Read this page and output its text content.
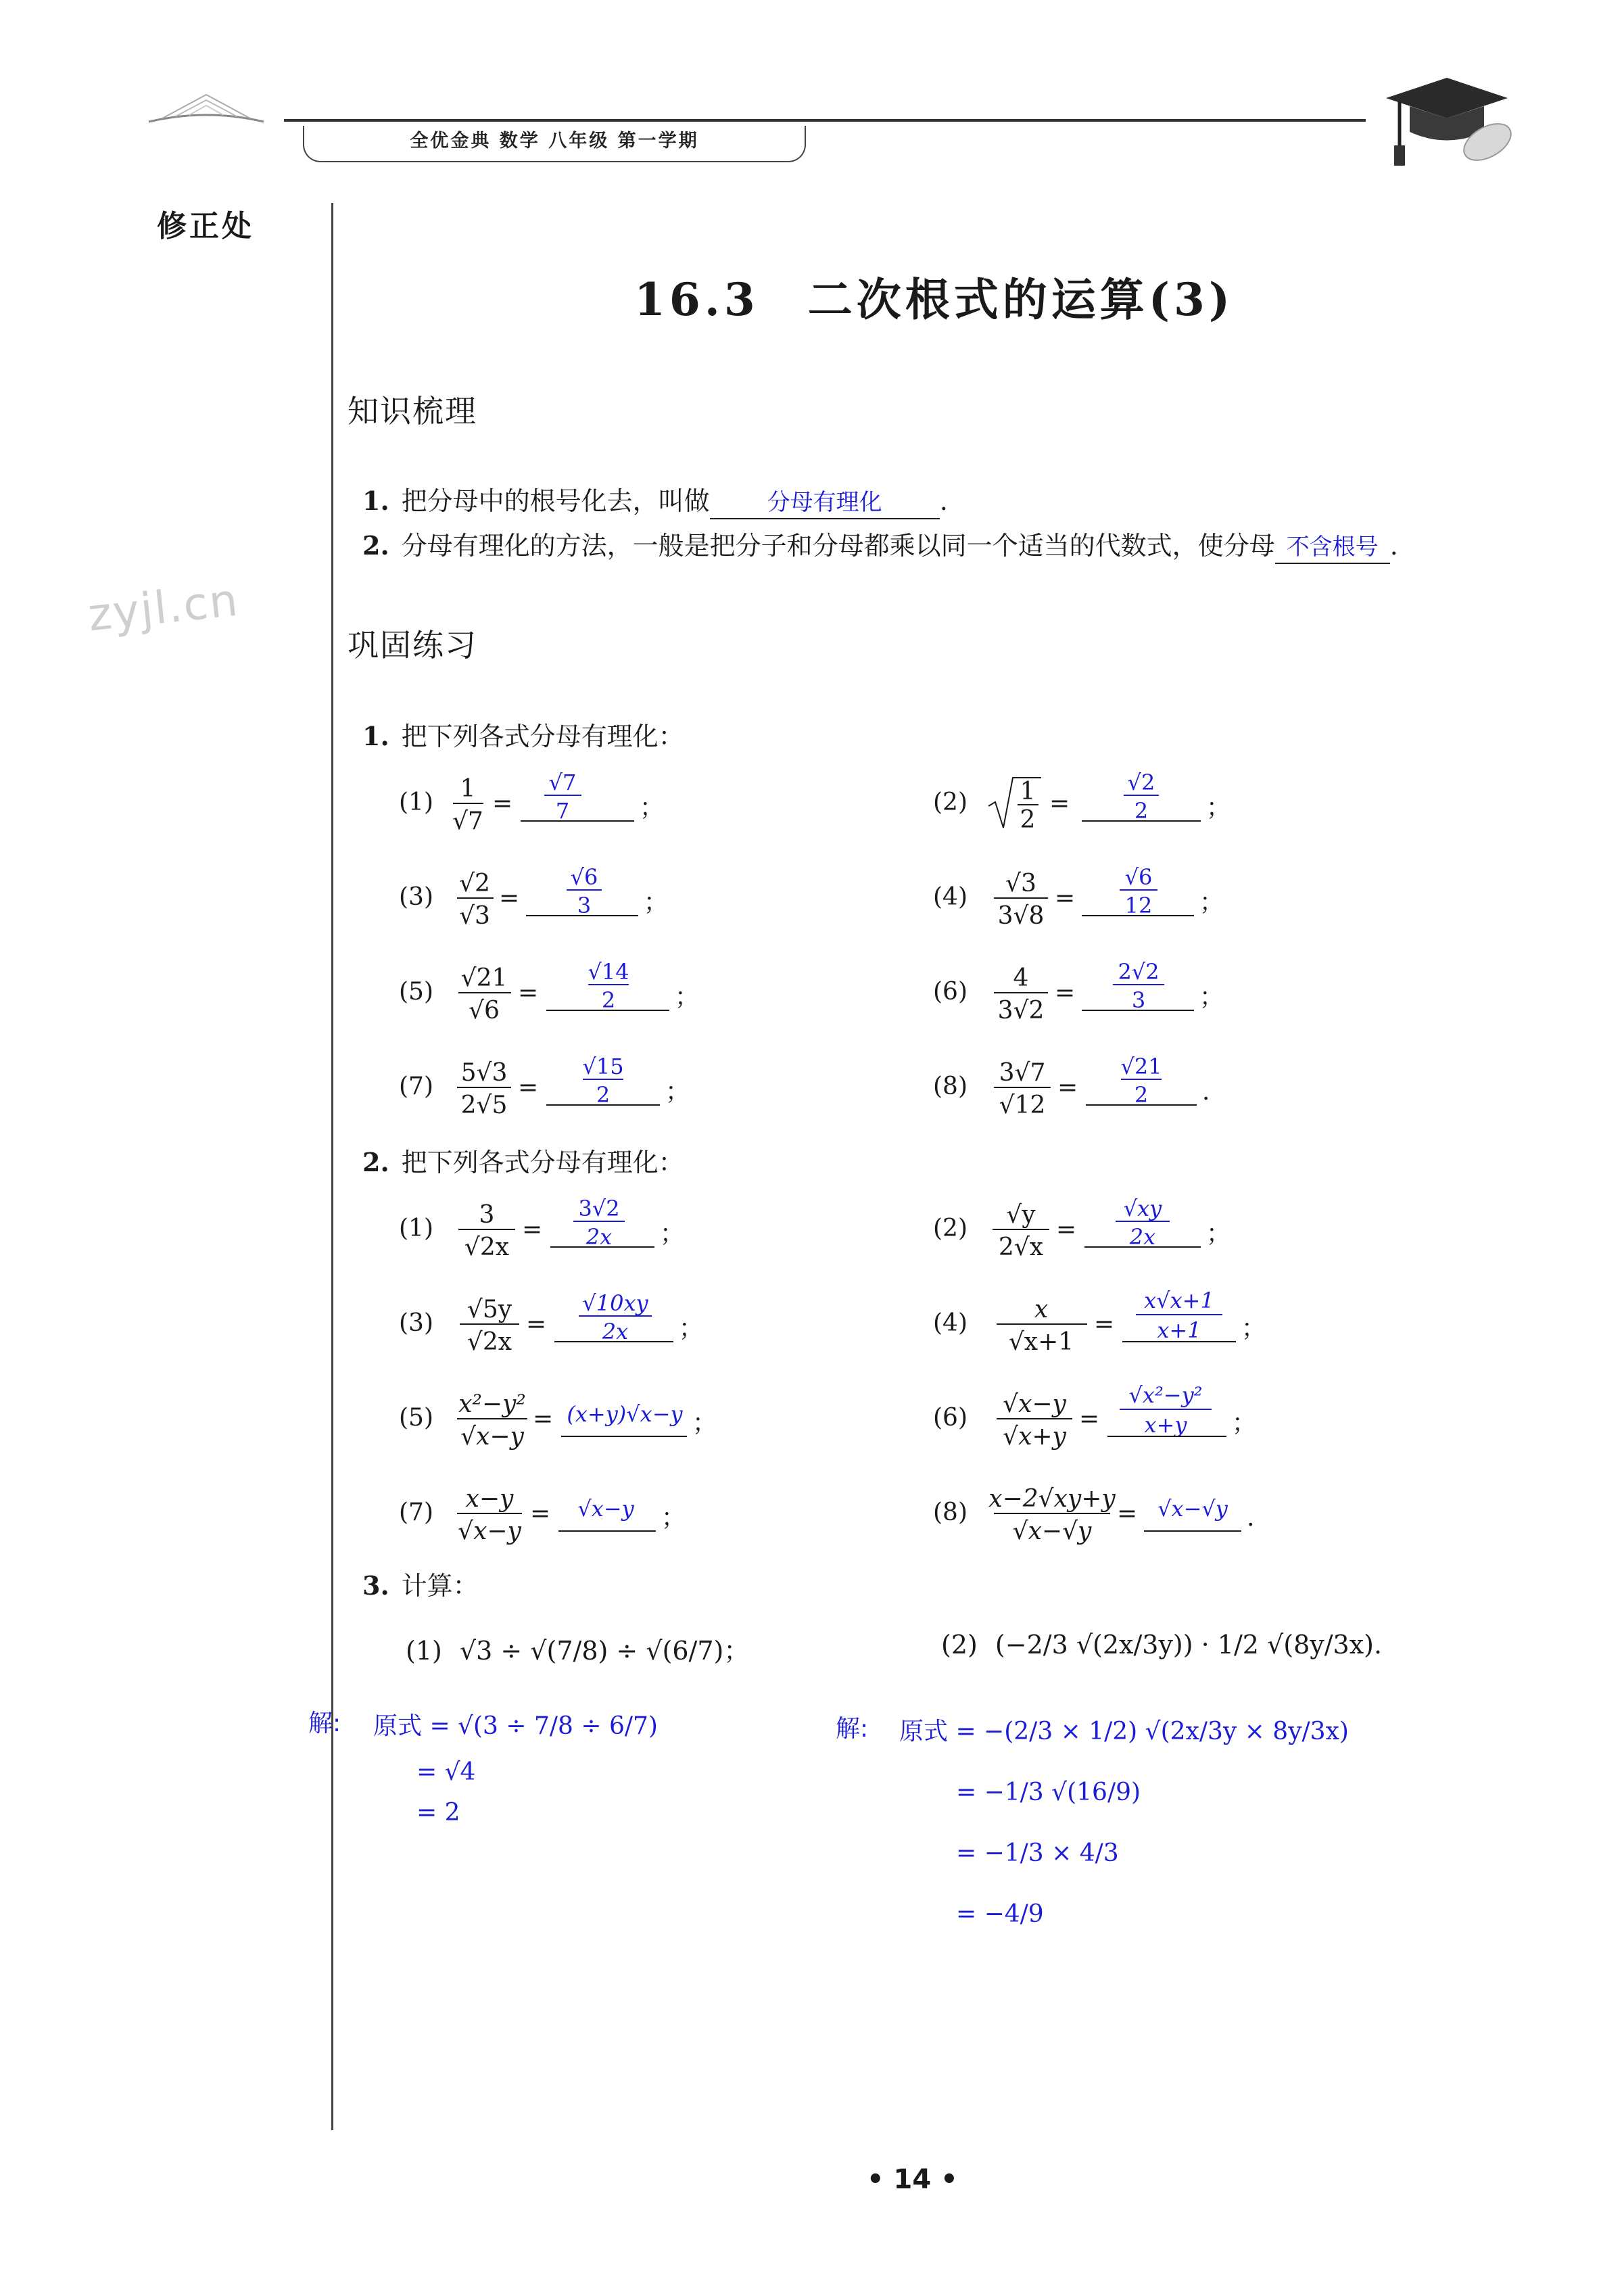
全优金典 数学 八年级 第一学期
修正处
16.3　二次根式的运算(3)
zyjl.cn
知识梳理
1. 把分母中的根号化去，叫做	分母有理化 .
2. 分母有理化的方法，一般是把分子和分母都乘以同一个适当的代数式，使分母 不含根号 .
巩固练习
1. 把下列各式分母有理化：
(1) 1
√7
=
√7
7	；	(2) 1
2
=
√2
2 ；
(3) √2
√3
=
√6
3 ；	(4) √3
3√8
=
√6
12 ；
(5) √21
√6
=
√14
2 ；	(6) 4
3√2
=
2√2
3 ；
(7) 5√3
2√5
=
√15
2 ；	(8) 3√7
√12
=
√21
2 .
2. 把下列各式分母有理化：
(1) 3
√2x
=
3√2
2x ；	(2) √y
2√x
=
√xy
2x ；
(3) √5y
√2x
=
√10xy
2x ；	(4)	x
√x+1
=
x√x+1
x+1 ；
(5) x²−y²
√x−y
= (x+y)√x−y ；	(6) √x−y
√x+y
=
√x²−y²
x+y ；
(7) x−y
√x−y
= √x−y ；	(8) x−2√xy+y
√x−√y
= √x−√y .
3. 计算：
(1) √3 ÷ √(7/8) ÷ √(6/7)；	(2) (−2/3 √(2x/3y)) · 1/2 √(8y/3x).
解: 原式 = √(3 ÷ 7/8 ÷ 6/7)
= √4
= 2
解: 原式 = −(2/3 × 1/2) √(2x/3y × 8y/3x)
= −1/3 √(16/9)
= −1/3 × 4/3
= −4/9
• 14 •
